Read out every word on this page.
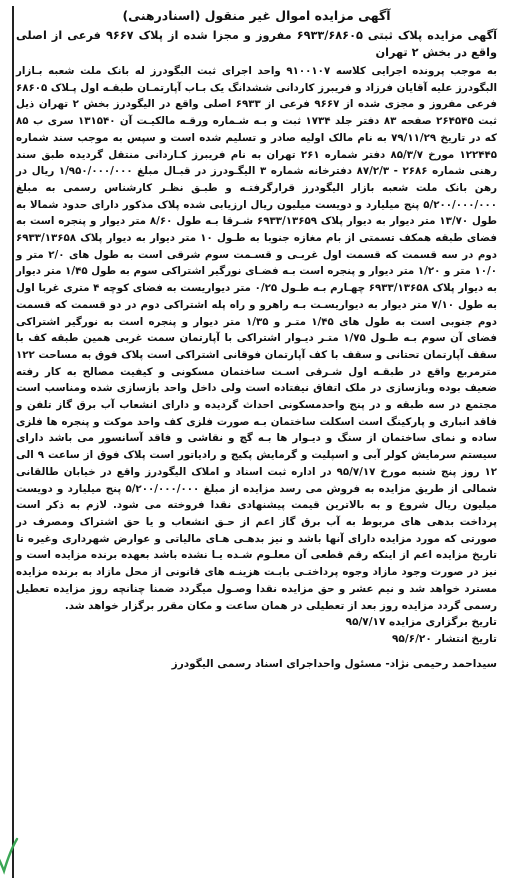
آگهی مزایده اموال غیر منقول (اسنادرهنی)
آگهی مزایده پلاک ثبتی ۶۹۳۳/۶۸۶۰۵ مفروز و مجزا شده از پلاک ۹۶۶۷ فرعی از اصلی واقع در بخش ۲ تهران

به موجب پرونده اجرایی کلاسه ۹۱۰۰۱۰۷ واحد اجرای ثبت البگودرز له بانک ملت شعبه بـازار البگودرز علیه آقایان فرزاد و فریبرز کاردانی ششدانگ یک بـاب آپارتمـان طبقـه اول پـلاک ۶۸۶۰۵ فرعی مفروز و مجزی شده از ۹۶۶۷ فرعی از ۶۹۳۳ اصلی واقع در الیگودرز بخش ۲ تهران ذیل ثبت ۲۶۴۵۴۵ صفحه ۸۳ دفتر جلد ۱۷۳۴ ثبت و بـه شـماره ورقـه مالکیـت آن ۱۳۱۵۴۰ سری ب ۸۵ که در تاریخ ۷۹/۱۱/۲۹ به نام مالک اولیه صادر و تسلیم شده است و سپس به موجب سند شماره ۱۲۲۴۴۵ مورخ ۸۵/۳/۷ دفتر شماره ۲۶۱ تهران به نام فریبرز کـاردانی منتقل گردیده طبق سند رهنی شماره ۲۶۸۶ - ۸۷/۲/۳ دفترخانه شماره ۳ الیگـودرز در قبـال مبلغ ۱/۹۵۰/۰۰۰/۰۰۰ ریال در رهن بانک ملت شعبه بازار الیگودرز قرارگرفتـه و طبـق نظـر کارشناس رسمی به مبلغ ۵/۲۰۰/۰۰۰/۰۰۰ پنج میلیارد و دویست میلیون ریال ارزیابی شده پلاک مذکور دارای حدود شمالا به طول ۱۳/۷۰ متر دیوار به دیوار پلاک ۶۹۳۳/۱۳۶۵۹ شـرقا بـه طول ۸/۶۰ متر دیوار و پنجره است به فضای طبقه همکف تسمتی از بام مغازه جنوبا به طـول ۱۰ متر دیوار به دیوار پلاک ۶۹۳۳/۱۳۶۵۸ دوم در سه قسمت که قسمت اول غربـی و قسـمت سوم شرقی است به طول های ۲/۰ متر و ۱۰/۰ متر و ۱/۲۰ متر دیوار و پنجره است بـه فضـای نورگیر اشتراکی سوم به طول ۱/۴۵ متر دیوار به دیوار پلاک ۶۹۳۳/۱۳۶۵۸ چهـارم بـه طـول ۰/۲۵ متر دیواریست به فضای کوچه ۴ متری غربا اول به طول ۷/۱۰ متر دیوار به دیواریسـت بـه راهرو و راه پله اشتراکی دوم در دو قسمت که قسمت دوم جنوبی است به طول های ۱/۴۵ متـر و ۱/۳۵ متر دیوار و پنجره است به نورگیر اشتراکی فضای آن سوم بـه طـول ۱/۷۵ متـر دیـوار اشتراکی با آپارتمان سمت غربی همین طبقه کف با سقف آپارتمان تحتانی و سقف با کف آپارتمان فوقانی اشتراکی است پلاک فوق به مساحت ۱۲۲ مترمربع واقع در طبقـه اول شـرقی اسـت ساختمان مسکونی و کیفیت مصالح به کار رفته ضعیف بوده وبازسازی در ملک اتفاق نیفتاده است ولی داخل واحد بازسازی شده ومناسب است مجتمع در سه طبقه و در پنج واحدمسکونی احداث گردیده و دارای انشعاب آب برق گاز تلفن و فاقد انباری و پارکینگ است اسکلت ساختمان بـه صورت فلزی کف واحد موکت و پنجره ها فلزی ساده و نمای ساختمان از سنگ و دیـوار ها بـه گچ و نقاشی و فاقد آسانسور می باشد دارای سیستم سرمایش کولر آبی و اسپلیت و گرمایش پکیج و رادیاتور است پلاک فوق از ساعت ۹ الی ۱۲ روز پنج شنبه مورخ ۹۵/۷/۱۷ در اداره ثبت اسناد و املاک الیگودرز واقع در خیابان طالقانی شمالی از طریق مزایده به فروش می رسد مزایده از مبلغ ۵/۲۰۰/۰۰۰/۰۰۰ پنج میلیارد و دویست میلیون ریال شروع و به بالاترین قیمت پیشنهادی نقدا فروخته می شود. لازم به ذکر است پرداخت بدهی های مربوط به آب برق گاز اعم از حـق انشعاب و یا حق اشتراک ومصرف در صورتی که مورد مزایده دارای آنها باشد و نیز بدهـی هـای مالیاتی و عوارض شهرداری وغیره تا تاریخ مزایده اعم از اینکه رقم قطعی آن معلـوم شـده یـا نشده باشد بعهده برنده مزایده است و نیز در صورت وجود مازاد وجوه پرداختـی بابـت هزینـه های قانونی از محل مازاد به برنده مزایده مسترد خواهد شد و نیم عشر و حق مزایده نقدا وصـول میگردد ضمنا چنانچه روز مزایده تعطیل رسمی گردد مزایده روز بعد از تعطیلی در همان ساعت و مکان مقرر برگزار خواهد شد.

تاریخ برگزاری مزایده ۹۵/۷/۱۷
تاریخ انتشار ۹۵/۶/۲۰
سیداحمد رحیمی نژاد- مسئول واحداجرای اسناد رسمی الیگودرز
